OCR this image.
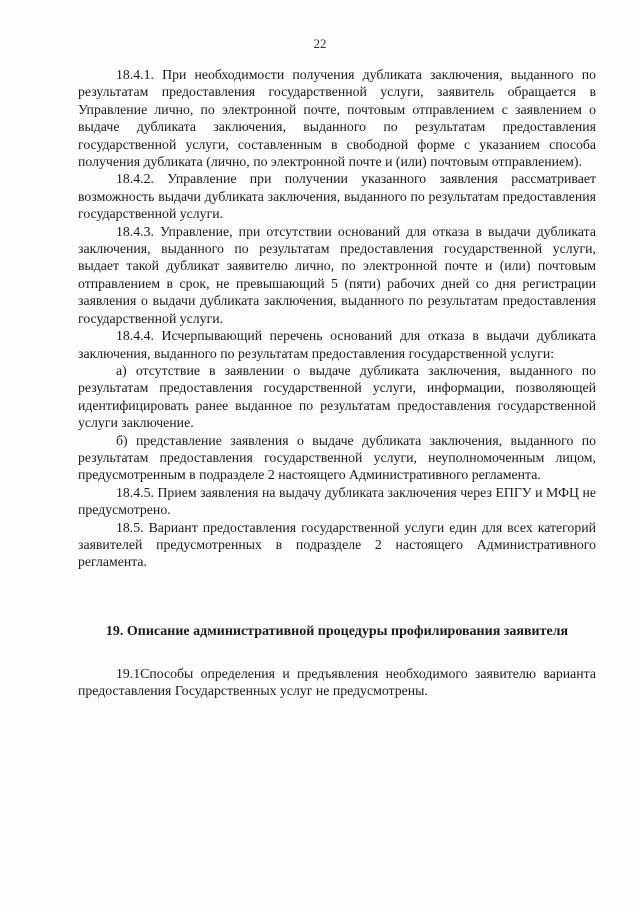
22

18.4.1. При необходимости получения дубликата заключения, выданного по результатам предоставления государственной услуги, заявитель обращается в Управление лично, по электронной почте, почтовым отправлением с заявлением о выдаче дубликата заключения, выданного по результатам предоставления государственной услуги, составленным в свободной форме с указанием способа получения дубликата (лично, по электронной почте и (или) почтовым отправлением).

18.4.2. Управление при получении указанного заявления рассматривает возможность выдачи дубликата заключения, выданного по результатам предоставления государственной услуги.

18.4.3. Управление, при отсутствии оснований для отказа в выдачи дубликата заключения, выданного по результатам предоставления государственной услуги, выдает такой дубликат заявителю лично, по электронной почте и (или) почтовым отправлением в срок, не превышающий 5 (пяти) рабочих дней со дня регистрации заявления о выдачи дубликата заключения, выданного по результатам предоставления государственной услуги.

18.4.4. Исчерпывающий перечень оснований для отказа в выдачи дубликата заключения, выданного по результатам предоставления государственной услуги:

а) отсутствие в заявлении о выдаче дубликата заключения, выданного по результатам предоставления государственной услуги, информации, позволяющей идентифицировать ранее выданное по результатам предоставления государственной услуги заключение.

б) представление заявления о выдаче дубликата заключения, выданного по результатам предоставления государственной услуги, неуполномоченным лицом, предусмотренным в подразделе 2 настоящего Административного регламента.

18.4.5. Прием заявления на выдачу дубликата заключения через ЕПГУ и МФЦ не предусмотрено.

18.5. Вариант предоставления государственной услуги един для всех категорий заявителей предусмотренных в подразделе 2 настоящего Административного регламента.

19. Описание административной процедуры профилирования заявителя

19.1Способы определения и предъявления необходимого заявителю варианта предоставления Государственных услуг не предусмотрены.
